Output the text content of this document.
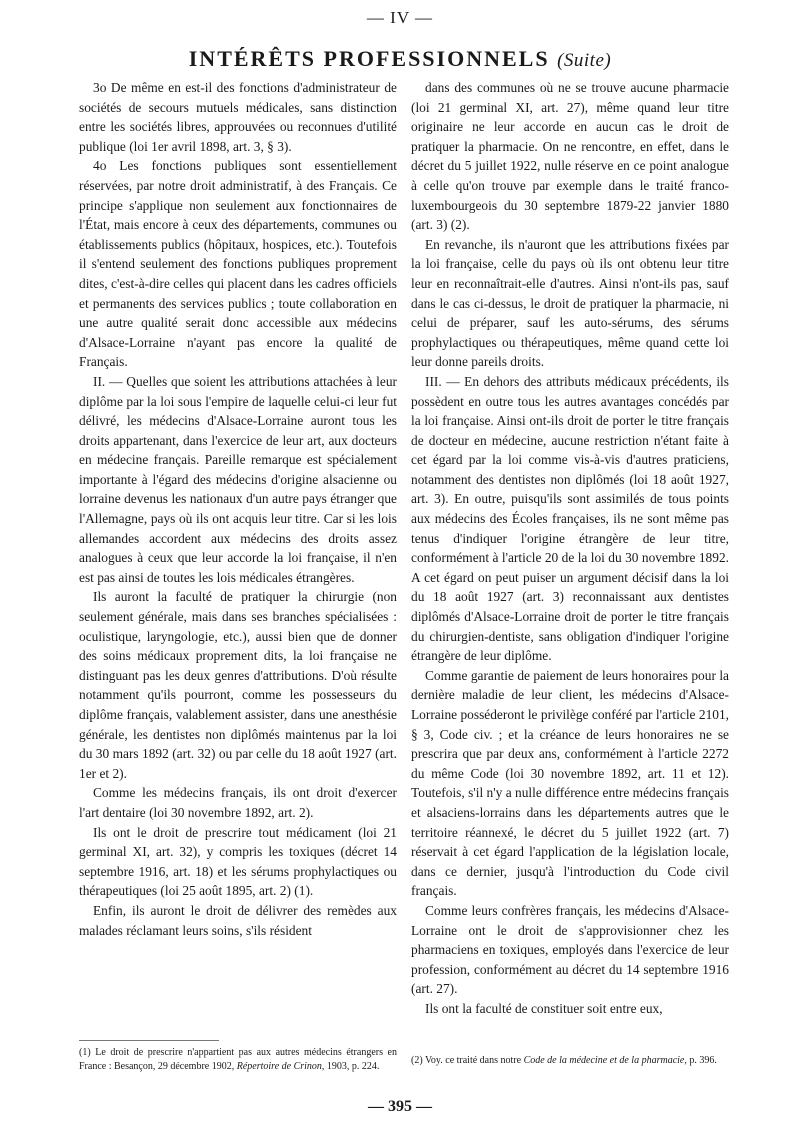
— IV —
INTÉRÊTS PROFESSIONNELS (Suite)

3o De même en est-il des fonctions d'administrateur de sociétés de secours mutuels médicales, sans distinction entre les sociétés libres, approuvées ou reconnues d'utilité publique (loi 1er avril 1898, art. 3, § 3).

4o Les fonctions publiques sont essentiellement réservées, par notre droit administratif, à des Français. Ce principe s'applique non seulement aux fonctionnaires de l'État, mais encore à ceux des départements, communes ou établissements publics (hôpitaux, hospices, etc.). Toutefois il s'entend seulement des fonctions publiques proprement dites, c'est-à-dire celles qui placent dans les cadres officiels et permanents des services publics ; toute collaboration en une autre qualité serait donc accessible aux médecins d'Alsace-Lorraine n'ayant pas encore la qualité de Français.

II. — Quelles que soient les attributions attachées à leur diplôme par la loi sous l'empire de laquelle celui-ci leur fut délivré, les médecins d'Alsace-Lorraine auront tous les droits appartenant, dans l'exercice de leur art, aux docteurs en médecine français. Pareille remarque est spécialement importante à l'égard des médecins d'origine alsacienne ou lorraine devenus les nationaux d'un autre pays étranger que l'Allemagne, pays où ils ont acquis leur titre. Car si les lois allemandes accordent aux médecins des droits assez analogues à ceux que leur accorde la loi française, il n'en est pas ainsi de toutes les lois médicales étrangères.

Ils auront la faculté de pratiquer la chirurgie (non seulement générale, mais dans ses branches spécialisées : oculistique, laryngologie, etc.), aussi bien que de donner des soins médicaux proprement dits, la loi française ne distinguant pas les deux genres d'attributions. D'où résulte notamment qu'ils pourront, comme les possesseurs du diplôme français, valablement assister, dans une anesthésie générale, les dentistes non diplômés maintenus par la loi du 30 mars 1892 (art. 32) ou par celle du 18 août 1927 (art. 1er et 2).

Comme les médecins français, ils ont droit d'exercer l'art dentaire (loi 30 novembre 1892, art. 2).

Ils ont le droit de prescrire tout médicament (loi 21 germinal XI, art. 32), y compris les toxiques (décret 14 septembre 1916, art. 18) et les sérums prophylactiques ou thérapeutiques (loi 25 août 1895, art. 2) (1).

Enfin, ils auront le droit de délivrer des remèdes aux malades réclamant leurs soins, s'ils résident

dans des communes où ne se trouve aucune pharmacie (loi 21 germinal XI, art. 27), même quand leur titre originaire ne leur accorde en aucun cas le droit de pratiquer la pharmacie. On ne rencontre, en effet, dans le décret du 5 juillet 1922, nulle réserve en ce point analogue à celle qu'on trouve par exemple dans le traité franco-luxembourgeois du 30 septembre 1879-22 janvier 1880 (art. 3) (2).

En revanche, ils n'auront que les attributions fixées par la loi française, celle du pays où ils ont obtenu leur titre leur en reconnaîtrait-elle d'autres. Ainsi n'ont-ils pas, sauf dans le cas ci-dessus, le droit de pratiquer la pharmacie, ni celui de préparer, sauf les auto-sérums, des sérums prophylactiques ou thérapeutiques, même quand cette loi leur donne pareils droits.

III. — En dehors des attributs médicaux précédents, ils possèdent en outre tous les autres avantages concédés par la loi française. Ainsi ont-ils droit de porter le titre français de docteur en médecine, aucune restriction n'étant faite à cet égard par la loi comme vis-à-vis d'autres praticiens, notamment des dentistes non diplômés (loi 18 août 1927, art. 3). En outre, puisqu'ils sont assimilés de tous points aux médecins des Écoles françaises, ils ne sont même pas tenus d'indiquer l'origine étrangère de leur titre, conformément à l'article 20 de la loi du 30 novembre 1892. A cet égard on peut puiser un argument décisif dans la loi du 18 août 1927 (art. 3) reconnaissant aux dentistes diplômés d'Alsace-Lorraine droit de porter le titre français du chirurgien-dentiste, sans obligation d'indiquer l'origine étrangère de leur diplôme.

Comme garantie de paiement de leurs honoraires pour la dernière maladie de leur client, les médecins d'Alsace-Lorraine posséderont le privilège conféré par l'article 2101, § 3, Code civ. ; et la créance de leurs honoraires ne se prescrira que par deux ans, conformément à l'article 2272 du même Code (loi 30 novembre 1892, art. 11 et 12). Toutefois, s'il n'y a nulle différence entre médecins français et alsaciens-lorrains dans les départements autres que le territoire réannexé, le décret du 5 juillet 1922 (art. 7) réservait à cet égard l'application de la législation locale, dans ce dernier, jusqu'à l'introduction du Code civil français.

Comme leurs confrères français, les médecins d'Alsace-Lorraine ont le droit de s'approvisionner chez les pharmaciens en toxiques, employés dans l'exercice de leur profession, conformément au décret du 14 septembre 1916 (art. 27).

Ils ont la faculté de constituer soit entre eux,

(1) Le droit de prescrire n'appartient pas aux autres médecins étrangers en France : Besançon, 29 décembre 1902, Répertoire de Crinon, 1903, p. 224.
(2) Voy. ce traité dans notre Code de la médecine et de la pharmacie, p. 396.
— 395 —
